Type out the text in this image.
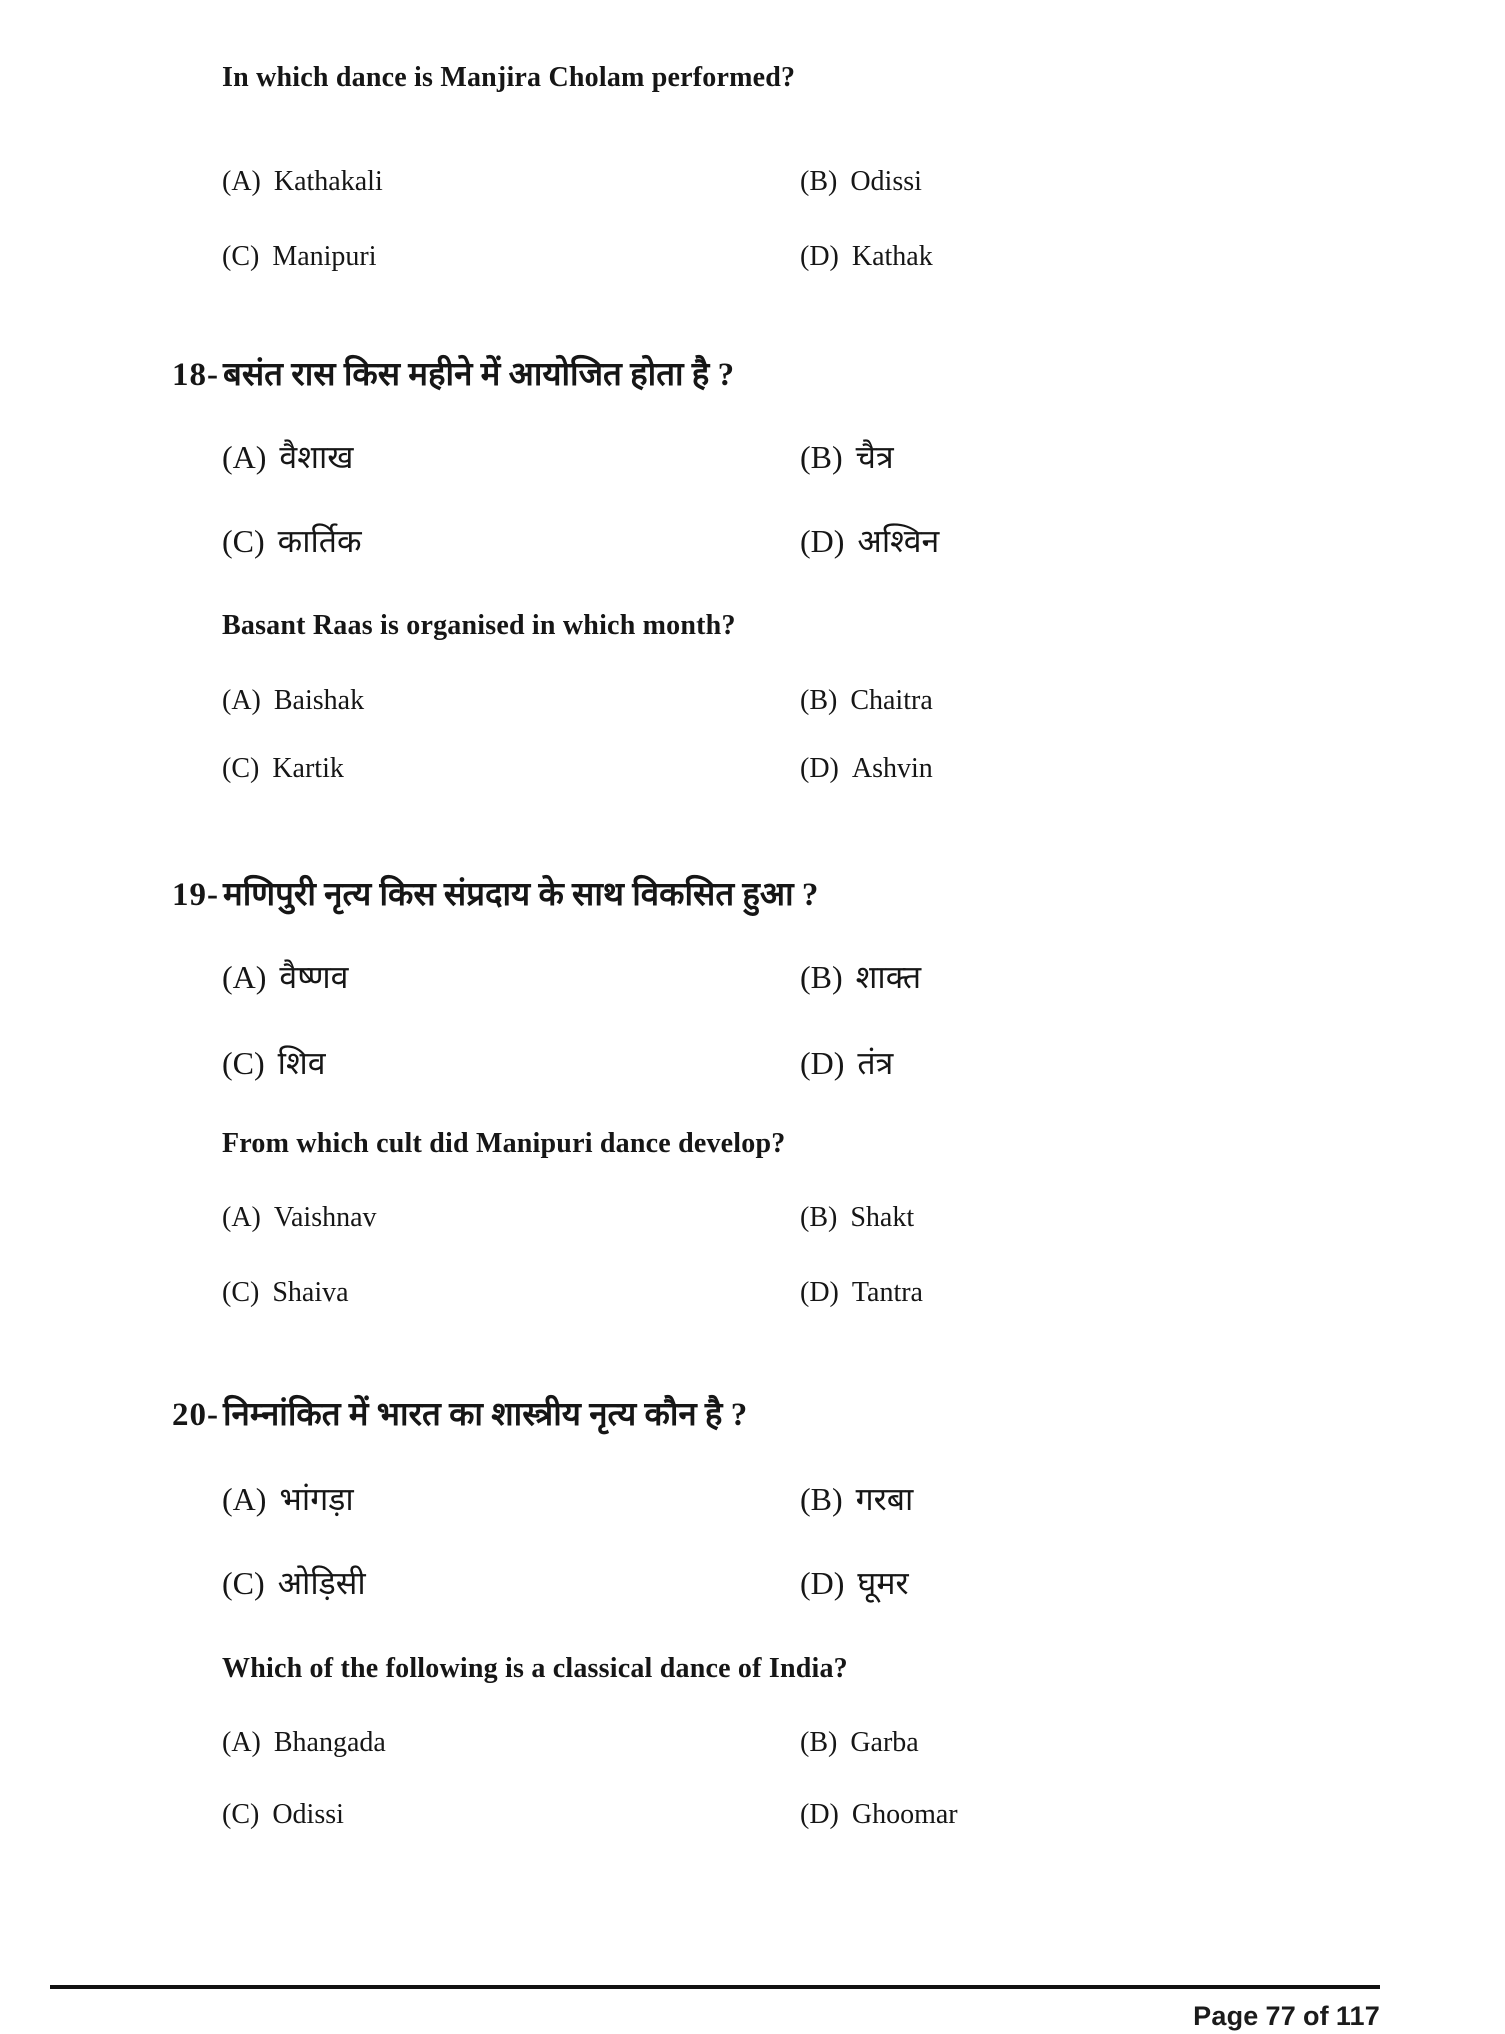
In which dance is Manjira Cholam performed?
(A) Kathakali	(B) Odissi
(C) Manipuri	(D) Kathak
18- बसंत रास किस महीने में आयोजित होता है ?
(A) वैशाख	(B) चैत्र
(C) कार्तिक	(D) अश्विन
Basant Raas is organised in which month?
(A) Baishak	(B) Chaitra
(C) Kartik	(D) Ashvin
19- मणिपुरी नृत्य किस संप्रदाय के साथ विकसित हुआ ?
(A) वैष्णव	(B) शाक्त
(C) शिव	(D) तंत्र
From which cult did Manipuri dance develop?
(A) Vaishnav	(B) Shakt
(C) Shaiva	(D) Tantra
20- निम्नांकित में भारत का शास्त्रीय नृत्य कौन है ?
(A) भांगड़ा	(B) गरबा
(C) ओड़िसी	(D) घूमर
Which of the following is a classical dance of India?
(A) Bhangada	(B) Garba
(C) Odissi	(D) Ghoomar
Page 77 of 117
